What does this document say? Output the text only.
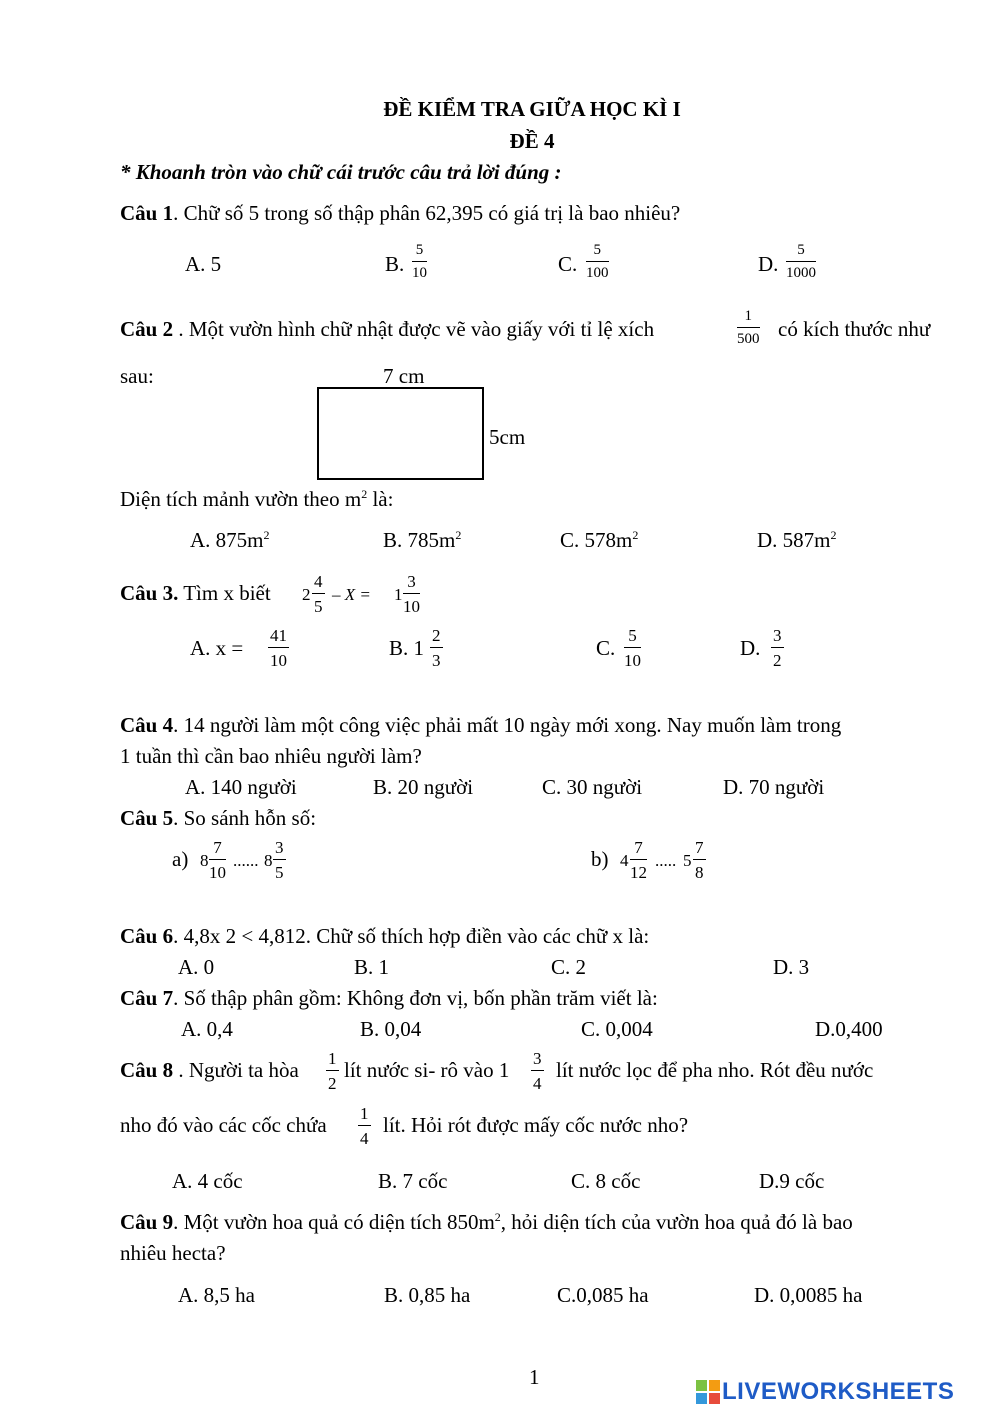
ĐỀ KIỂM TRA GIỮA HỌC KÌ I
ĐỀ 4
* Khoanh tròn vào chữ cái trước câu trả lời đúng :
Câu 1. Chữ số 5 trong số thập phân 62,395 có giá trị là bao nhiêu?
A. 5	B.
5
10	C.
5
100	D.
5
1000
Câu 2 . Một vườn hình chữ nhật được vẽ vào giấy với tỉ lệ xích
1
500 có kích thước như
sau:	7 cm
5cm
Diện tích mảnh vườn theo $m^2$ là:
A. $875m^2$	B. $785m^2$	C. $578m^2$	D. $587m^2$
Câu 3. Tìm x biết 2
4
5
– X = 1
3
10
A. x =
41
10
B. 1
2
3
C.
5
10
D.
3
2
Câu 4. 14 người làm một công việc phải mất 10 ngày mới xong. Nay muốn làm trong
1 tuần thì cần bao nhiêu người làm?
A. 140 người	B. 20 người	C. 30 người	D. 70 người
Câu 5. So sánh hỗn số:
a) 8
7
10
...... 8
3
5
b) 4
7
12
..... 5
7
8
Câu 6. 4,8x 2 < 4,812. Chữ số thích hợp điền vào các chữ x là:
A. 0	B. 1	C. 2	D. 3
Câu 7. Số thập phân gồm: Không đơn vị, bốn phần trăm viết là:
A. 0,4	B. 0,04	C. 0,004	D.0,400
Câu 8 . Người ta hòa 1
2
lít nước si- rô vào 1 3
4
lít nước lọc để pha nho. Rót đều nước
nho đó vào các cốc chứa 1
4
lít. Hỏi rót được mấy cốc nước nho?
A. 4 cốc	B. 7 cốc	C. 8 cốc	D.9 cốc
Câu 9. Một vườn hoa quả có diện tích $850m^2$, hỏi diện tích của vườn hoa quả đó là bao
nhiêu hecta?
A. 8,5 ha	B. 0,85 ha	C.0,085 ha	D. 0,0085 ha
1
LIVEWORKSHEETS
